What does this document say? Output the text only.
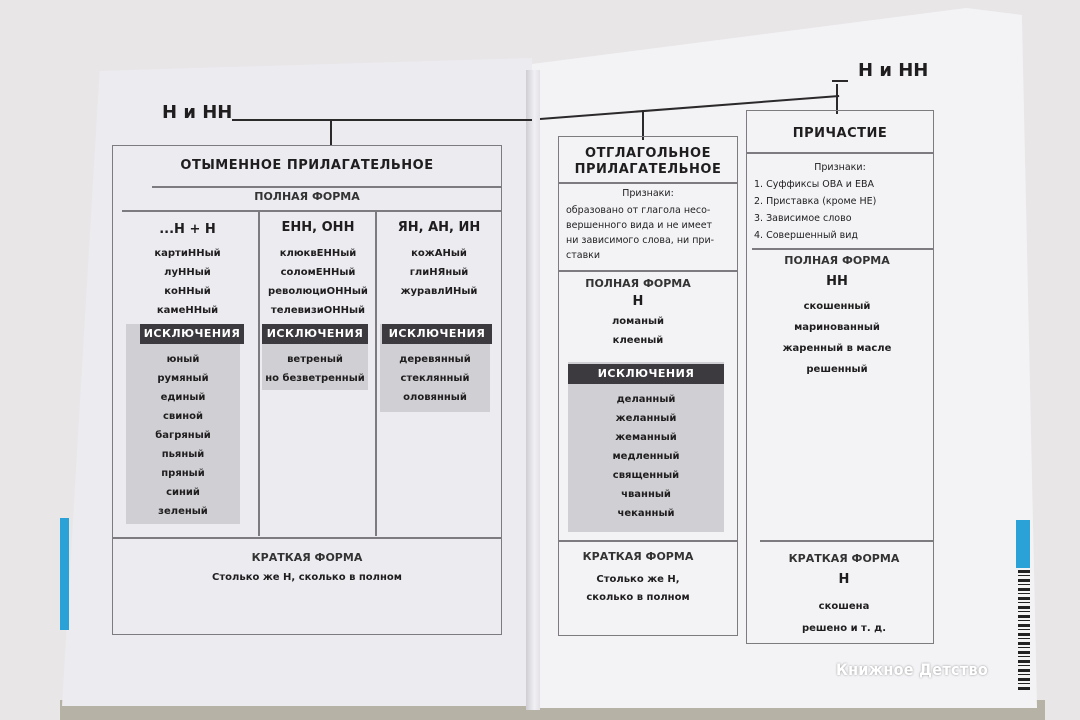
Н и НН
ОТЫМЕННОЕ ПРИЛАГАТЕЛЬНОЕ
ПОЛНАЯ ФОРМА
...Н + Н
картиННый
луННый
коННый
камеННый
ИСКЛЮЧЕНИЯ
юный
румяный
единый
свиной
багряный
пьяный
пряный
синий
зеленый
ЕНН, ОНН
клюквЕННый
соломЕННый
революциОННый
телевизиОННый
ИСКЛЮЧЕНИЯ
ветреный
но безветренный
ЯН, АН, ИН
кожАНый
глиНЯный
журавлИНый
ИСКЛЮЧЕНИЯ
деревянный
стеклянный
оловянный
КРАТКАЯ ФОРМА
Столько же Н, сколько в полном
Н и НН
ОТГЛАГОЛЬНОЕ
ПРИЛАГАТЕЛЬНОЕ
Признаки:
образовано от глагола несо-
вершенного вида и не имеет
ни зависимого слова, ни при-
ставки
ПОЛНАЯ ФОРМА
Н
ломаный
клееный
ИСКЛЮЧЕНИЯ
деланный
желанный
жеманный
медленный
священный
чванный
чеканный
КРАТКАЯ ФОРМА
Столько же Н,
сколько в полном
ПРИЧАСТИЕ
Признаки:
1. Суффиксы ОВА и ЕВА
2. Приставка (кроме НЕ)
3. Зависимое слово
4. Совершенный вид
ПОЛНАЯ ФОРМА
НН
скошенный
маринованный
жаренный в масле
решенный
КРАТКАЯ ФОРМА
Н
скошена
решено и т. д.
Книжное Детство
